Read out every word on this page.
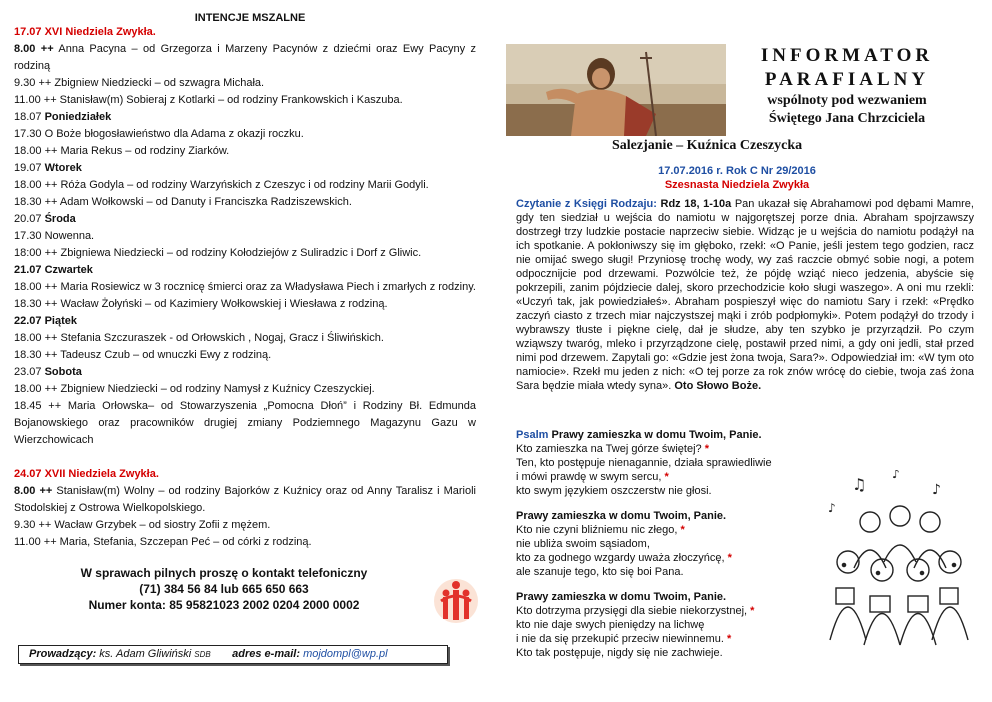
INTENCJE MSZALNE
17.07 XVI Niedziela Zwykła.
8.00 ++ Anna Pacyna – od Grzegorza i Marzeny Pacynów z dziećmi oraz Ewy Pacyny z rodziną
9.30 ++ Zbigniew Niedziecki – od szwagra Michała.
11.00 ++ Stanisław(m) Sobieraj z Kotlarki – od rodziny Frankowskich i Kaszuba.
18.07 Poniedziałek
17.30 O Boże błogosławieństwo dla Adama z okazji roczku.
18.00 ++ Maria Rekus – od rodziny Ziarków.
19.07 Wtorek
18.00 ++ Róża Godyla – od rodziny Warzyńskich z Czeszyc i od rodziny Marii Godyli.
18.30 ++ Adam Wołkowski – od Danuty i Franciszka Radziszewskich.
20.07 Środa
17.30 Nowenna.
18:00 ++ Zbigniewa Niedziecki – od rodziny Kołodziejów z Suliradzic i Dorf z Gliwic.
21.07 Czwartek
18.00 ++ Maria Rosiewicz w 3 rocznicę śmierci oraz za Władysława Piech i zmarłych z rodziny.
18.30 ++ Wacław Żołyński – od Kazimiery Wołkowskiej i Wiesława z rodziną.
22.07 Piątek
18.00 ++ Stefania Szczuraszek - od Orłowskich , Nogaj, Gracz i Śliwińskich.
18.30 ++ Tadeusz Czub – od wnuczki Ewy z rodziną.
23.07 Sobota
18.00 ++ Zbigniew Niedziecki – od rodziny Namysł z Kuźnicy Czeszyckiej.
18.45 ++ Maria Orłowska– od Stowarzyszenia „Pomocna Dłoń” i Rodziny Bł. Edmunda Bojanowskiego oraz pracowników drugiej zmiany Podziemnego Magazynu Gazu w Wierzchowicach
24.07 XVII Niedziela Zwykła.
8.00 ++ Stanisław(m) Wolny – od rodziny Bajorków z Kuźnicy oraz od Anny Taralisz i Marioli Stodolskiej z Ostrowa Wielkopolskiego.
9.30 ++ Wacław Grzybek – od siostry Zofii z mężem.
11.00 ++ Maria, Stefania, Szczepan Peć – od córki z rodziną.
W sprawach pilnych proszę o kontakt telefoniczny
(71) 384 56 84 lub 665 650 663
Numer konta: 85 95821023 2002 0204 2000 0002
Prowadzący: ks. Adam Gliwiński SDB adres e-mail: mojdompl@wp.pl
INFORMATOR
PARAFIALNY
wspólnoty pod wezwaniem
Świętego Jana Chrzciciela
Salezjanie – Kuźnica Czeszycka
17.07.2016 r. Rok C Nr 29/2016
Szesnasta Niedziela Zwykła
Czytanie z Księgi Rodzaju: Rdz 18, 1-10a Pan ukazał się Abrahamowi pod dębami Mamre, gdy ten siedział u wejścia do namiotu w najgorętszej porze dnia. Abraham spojrzawszy dostrzegł trzy ludzkie postacie naprzeciw siebie. Widząc je u wejścia do namiotu podążył na ich spotkanie. A pokłoniwszy się im głęboko, rzekł: «O Panie, jeśli jestem tego godzien, racz nie omijać swego sługi! Przyniosę trochę wody, wy zaś raczcie obmyć sobie nogi, a potem odpocznijcie pod drzewami. Pozwólcie też, że pójdę wziąć nieco jedzenia, abyście się pokrzepili, zanim pójdziecie dalej, skoro przechodzicie koło sługi waszego». A oni mu rzekli: «Uczyń tak, jak powiedziałeś». Abraham pospieszył więc do namiotu Sary i rzekł: «Prędko zaczyń ciasto z trzech miar najczystszej mąki i zrób podpłomyki». Potem podążył do trzody i wybrawszy tłuste i piękne cielę, dał je słudze, aby ten szybko je przyrządził. Po czym wziąwszy twaróg, mleko i przyrządzone cielę, postawił przed nimi, a gdy oni jedli, stał przed nimi pod drzewem. Zapytali go: «Gdzie jest żona twoja, Sara?». Odpowiedział im: «W tym oto namiocie». Rzekł mu jeden z nich: «O tej porze za rok znów wrócę do ciebie, twoja zaś żona Sara będzie miała wtedy syna». Oto Słowo Boże.
Psalm Prawy zamieszka w domu Twoim, Panie.
Kto zamieszka na Twej górze świętej? *
Ten, kto postępuje nienagannie, działa sprawiedliwie
i mówi prawdę w swym sercu, *
kto swym językiem oszczerstw nie głosi.
Prawy zamieszka w domu Twoim, Panie.
Kto nie czyni bliźniemu nic złego, *
nie ubliża swoim sąsiadom,
kto za godnego wzgardy uważa złoczyńcę, *
ale szanuje tego, kto się boi Pana.
Prawy zamieszka w domu Twoim, Panie.
Kto dotrzyma przysięgi dla siebie niekorzystnej, *
kto nie daje swych pieniędzy na lichwę
i nie da się przekupić przeciw niewinnemu. *
Kto tak postępuje, nigdy się nie zachwieje.
♫
♪
♪
♪
